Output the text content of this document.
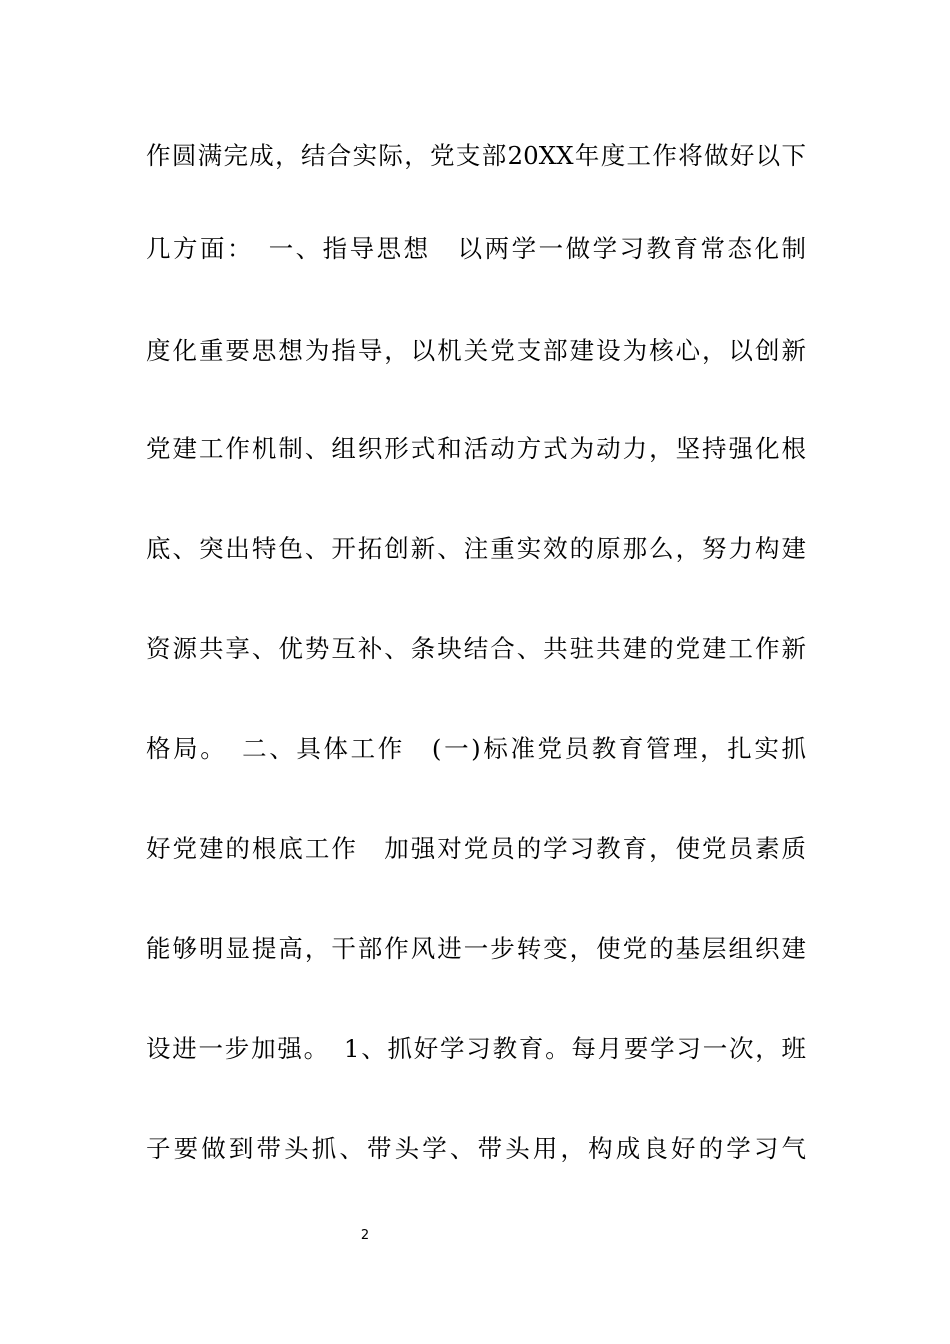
作圆满完成，结合实际，党支部20XX年度工作将做好以下
几方面：　一、指导思想　以两学一做学习教育常态化制
度化重要思想为指导，以机关党支部建设为核心，以创新
党建工作机制、组织形式和活动方式为动力，坚持强化根
底、突出特色、开拓创新、注重实效的原那么，努力构建
资源共享、优势互补、条块结合、共驻共建的党建工作新
格局。　二、具体工作　(一)标准党员教育管理，扎实抓
好党建的根底工作　加强对党员的学习教育，使党员素质
能够明显提高，干部作风进一步转变，使党的基层组织建
设进一步加强。　1、抓好学习教育。每月要学习一次，班
子要做到带头抓、带头学、带头用，构成良好的学习气
2
